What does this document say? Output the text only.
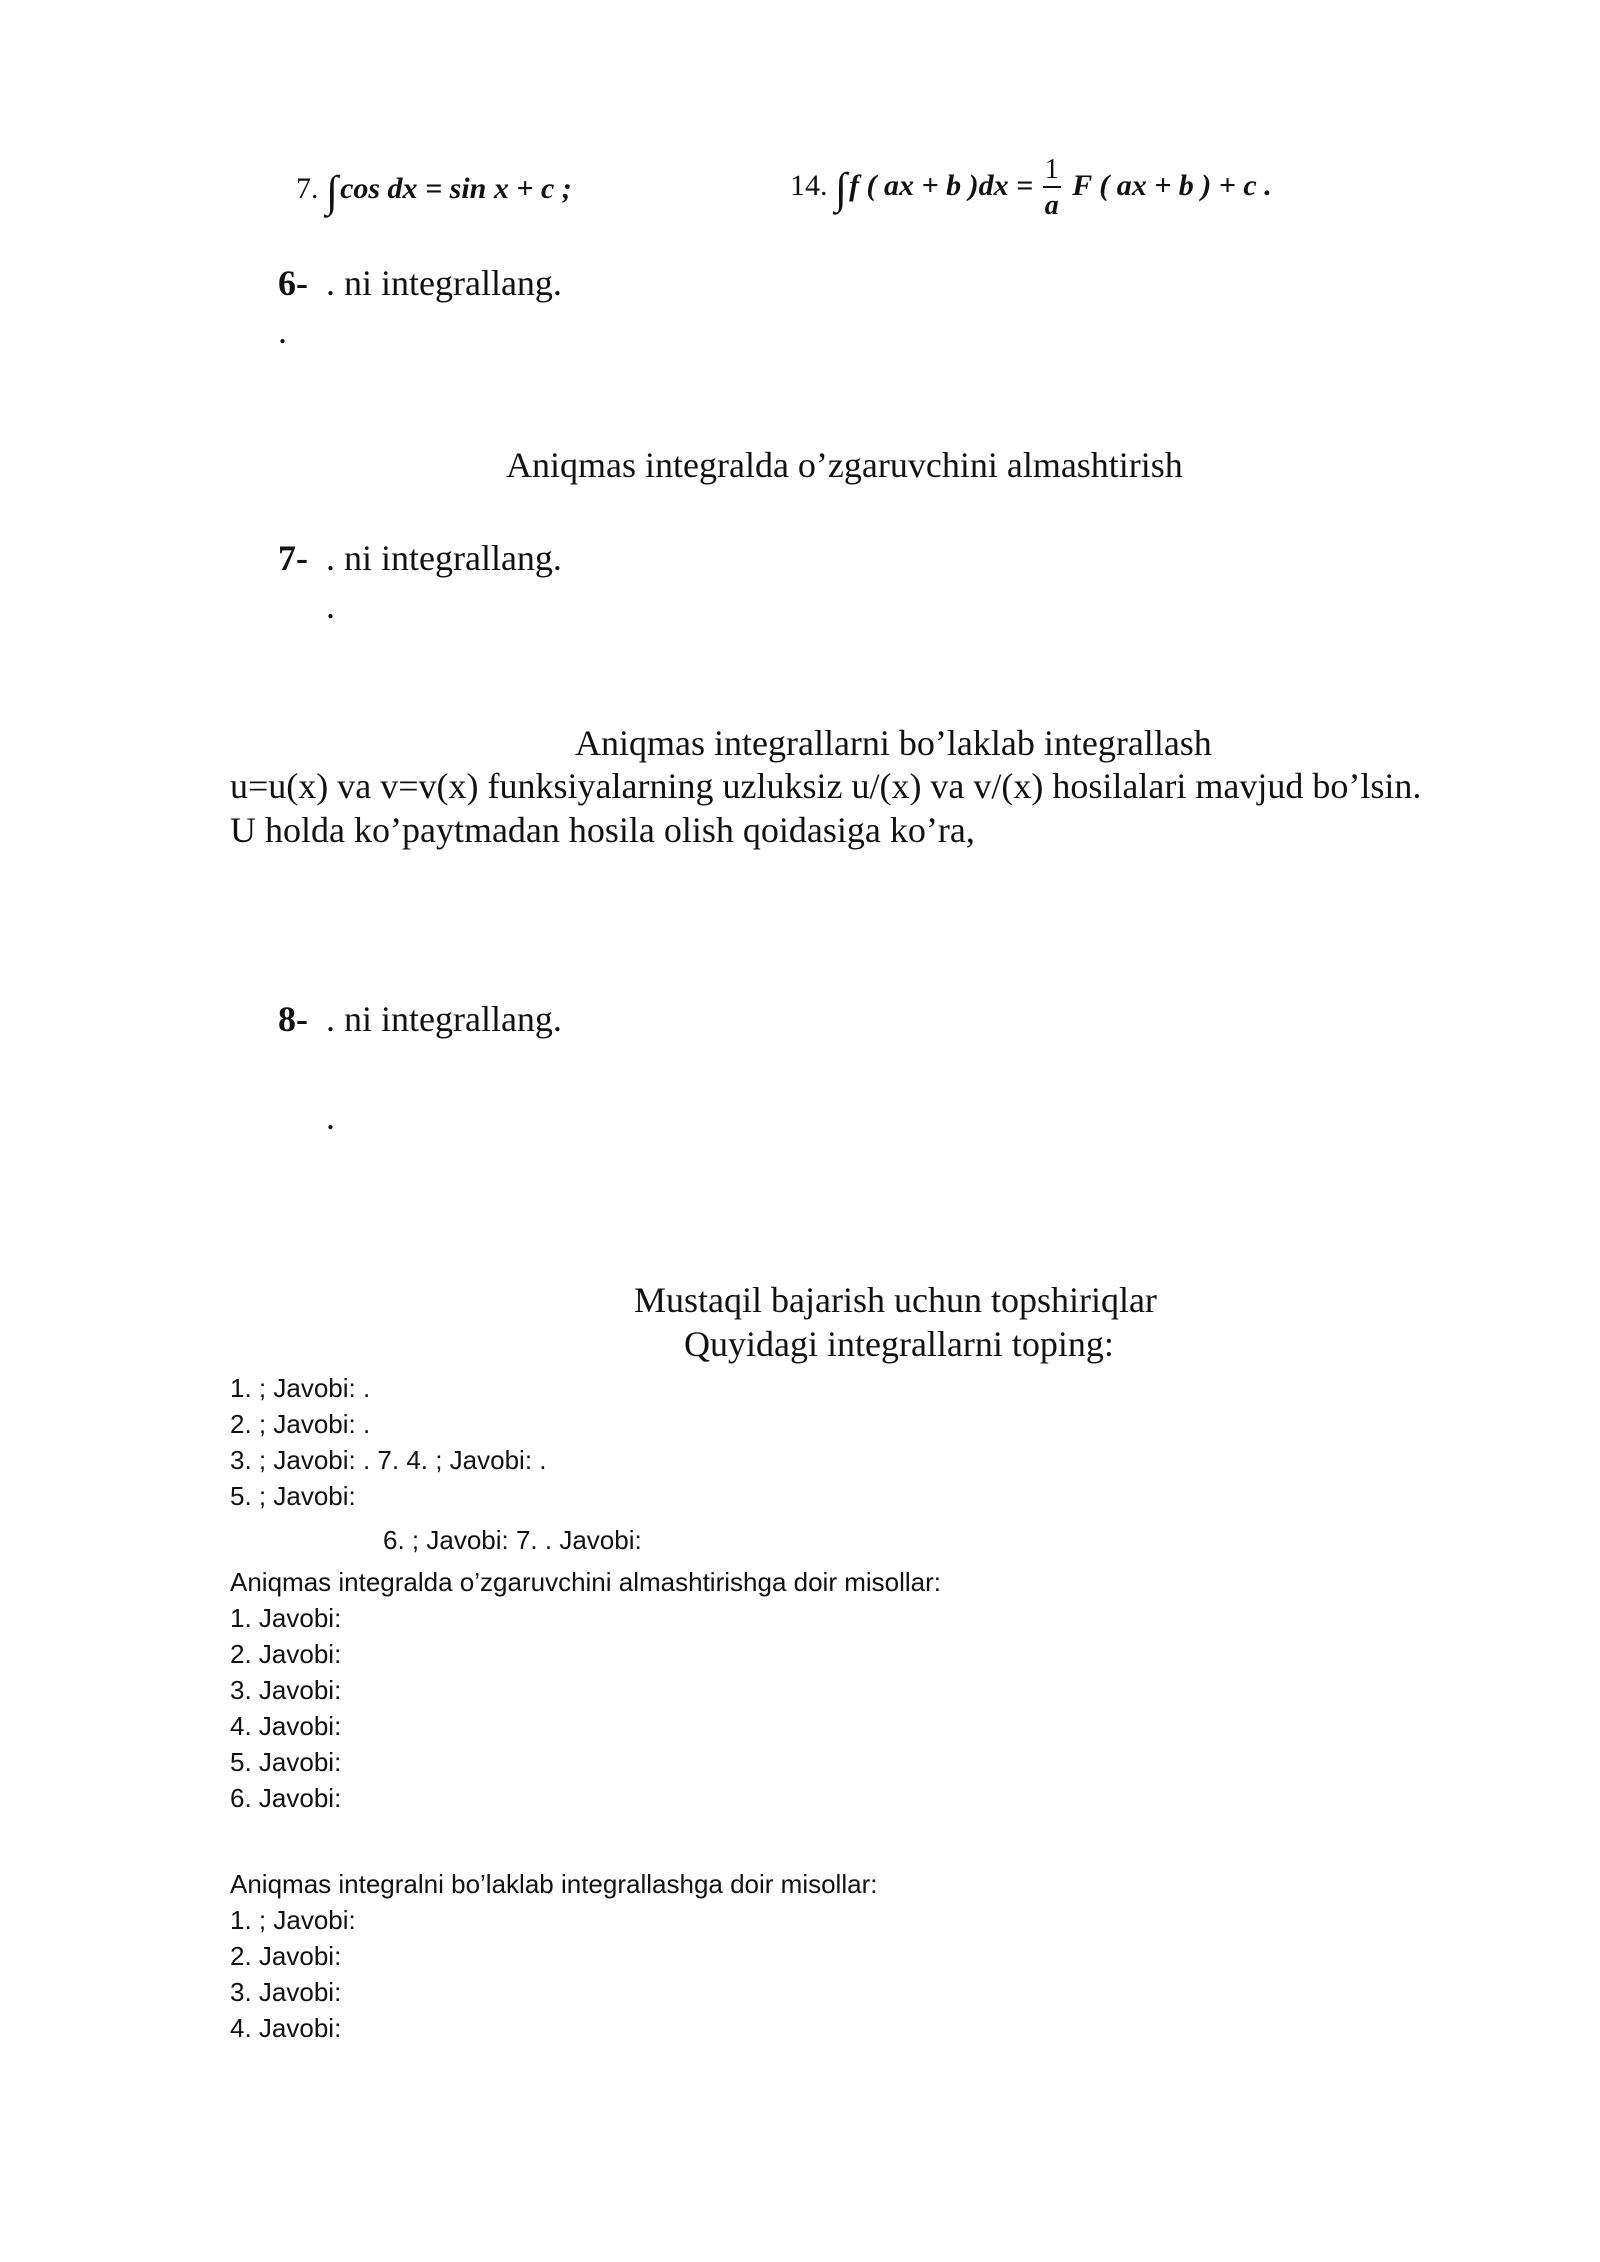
7. ∫cos dx = sin x + c ;	14. ∫f ( ax + b )$dx = \frac{1}{a}$ F ( ax + b ) + c .
6- . ni integrallang.
.
Aniqmas integralda o’zgaruvchini almashtirish
7- . ni integrallang.
.
Aniqmas integrallarni bo’laklab integrallash
u=u(x) va v=v(x) funksiyalarning uzluksiz u/(x) va v/(x) hosilalari mavjud bo’lsin.
U holda ko’paytmadan hosila olish qoidasiga ko’ra,
8- . ni integrallang.
.
Mustaqil bajarish uchun topshiriqlar
Quyidagi integrallarni toping:
1. ; Javobi: .
2. ; Javobi: .
3. ; Javobi: . 7. 4. ; Javobi: .
5. ; Javobi:
6. ; Javobi: 7. . Javobi:
Aniqmas integralda o’zgaruvchini almashtirishga doir misollar:
1. Javobi:
2. Javobi:
3. Javobi:
4. Javobi:
5. Javobi:
6. Javobi:
Aniqmas integralni bo’laklab integrallashga doir misollar:
1. ; Javobi:
2. Javobi:
3. Javobi:
4. Javobi:
